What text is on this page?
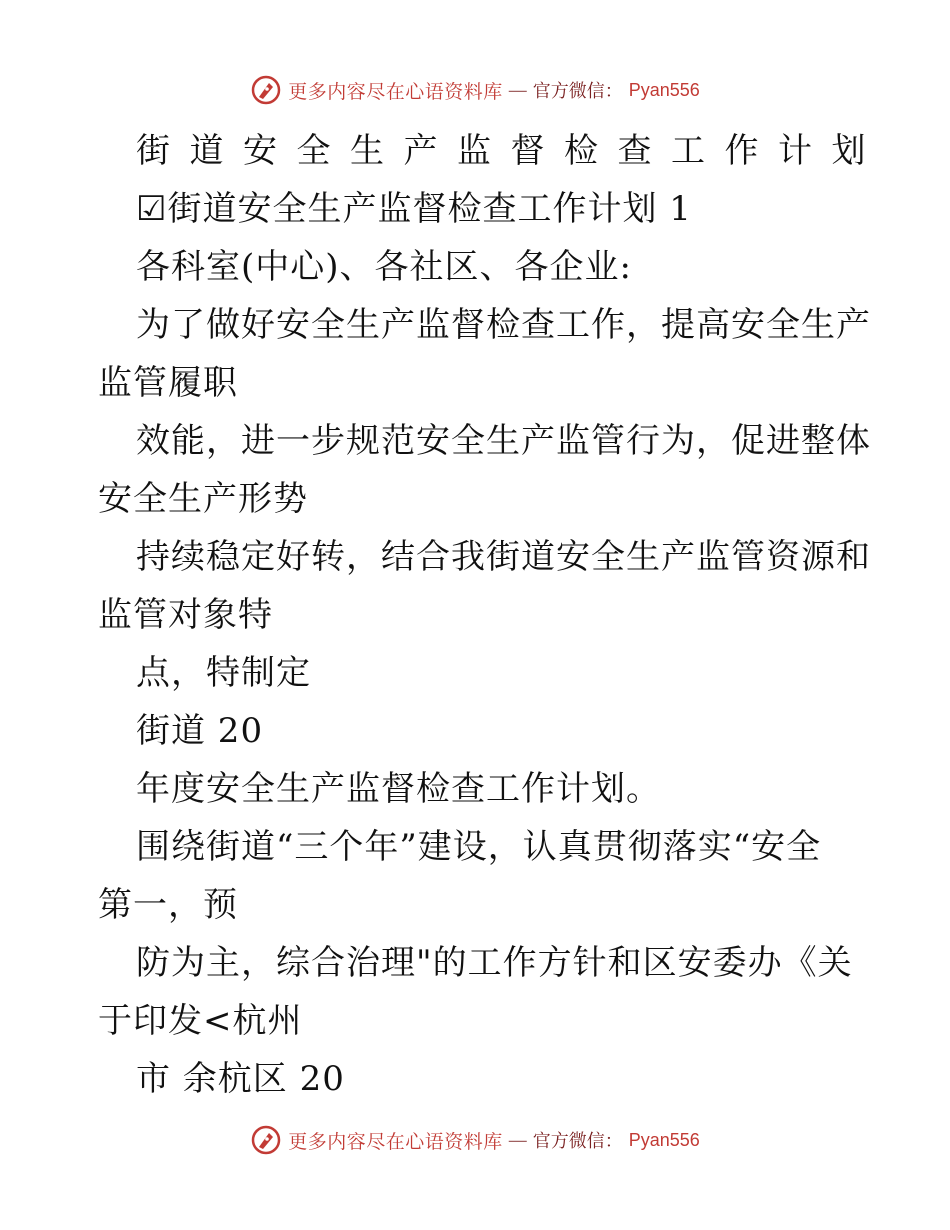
更多内容尽在心语资料库 — 官方微信： Pyan556
街道安全生产监督检查工作计划
☑街道安全生产监督检查工作计划 1
各科室(中心)、各社区、各企业:
为了做好安全生产监督检查工作，提高安全生产
监管履职
效能，进一步规范安全生产监管行为，促进整体
安全生产形势
持续稳定好转，结合我街道安全生产监管资源和
监管对象特
点，特制定
街道 20
年度安全生产监督检查工作计划。
围绕街道“三个年”建设，认真贯彻落实“安全
第一，预
防为主，综合治理"的工作方针和区安委办《关
于印发<杭州
市 余杭区 20
更多内容尽在心语资料库 — 官方微信： Pyan556
